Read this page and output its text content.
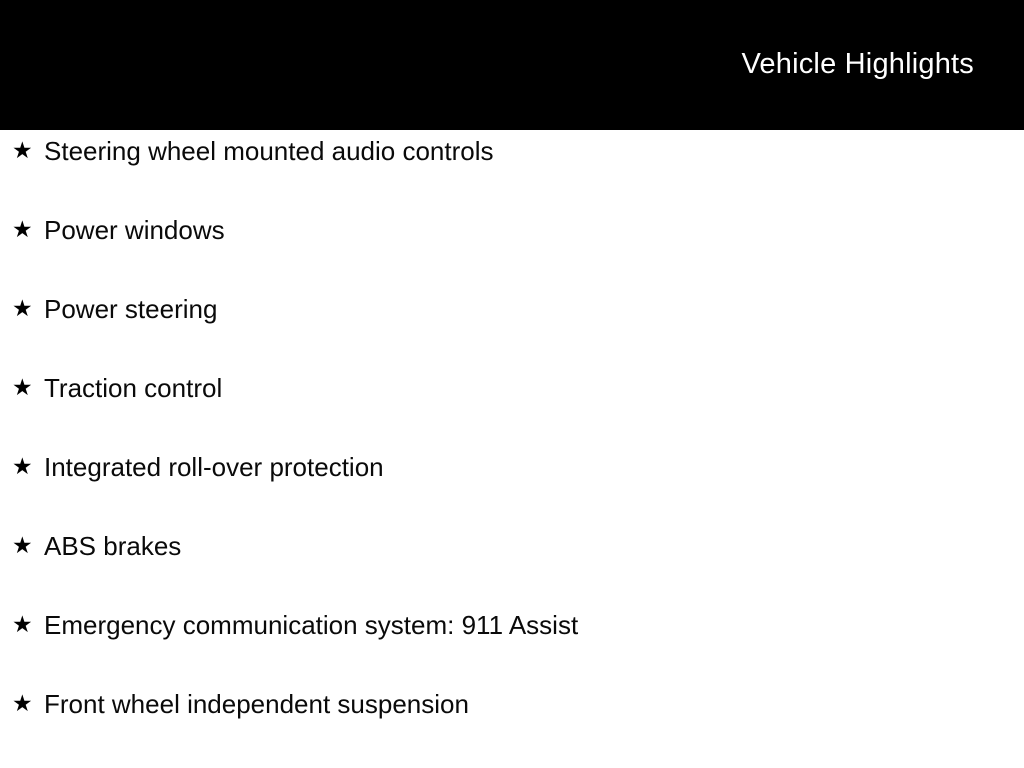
Vehicle Highlights
★ Steering wheel mounted audio controls
★ Power windows
★ Power steering
★ Traction control
★ Integrated roll-over protection
★ ABS brakes
★ Emergency communication system: 911 Assist
★ Front wheel independent suspension
